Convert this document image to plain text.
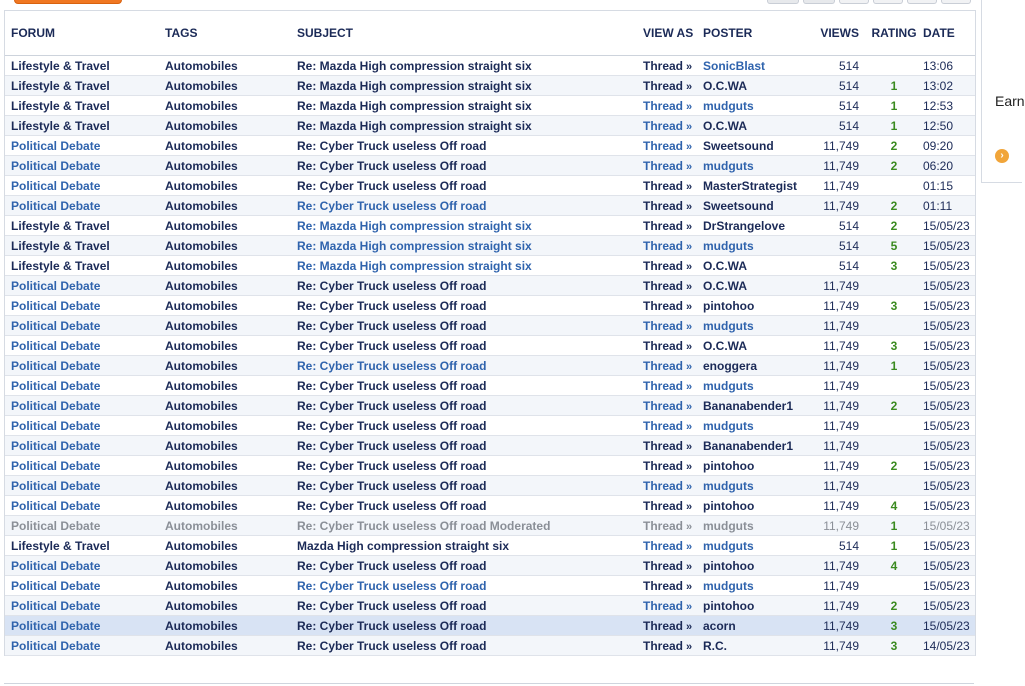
FORUM	TAGS	SUBJECT	VIEW AS	POSTER	VIEWS	RATING	DATE
Lifestyle & Travel	Automobiles	Re: Mazda High compression straight six	Thread »	SonicBlast	514		13:06
Lifestyle & Travel	Automobiles	Re: Mazda High compression straight six	Thread »	O.C.WA	514	1	13:02
Lifestyle & Travel	Automobiles	Re: Mazda High compression straight six	Thread »	mudguts	514	1	12:53
Lifestyle & Travel	Automobiles	Re: Mazda High compression straight six	Thread »	O.C.WA	514	1	12:50
Political Debate	Automobiles	Re: Cyber Truck useless Off road	Thread »	Sweetsound	11,749	2	09:20
Political Debate	Automobiles	Re: Cyber Truck useless Off road	Thread »	mudguts	11,749	2	06:20
Political Debate	Automobiles	Re: Cyber Truck useless Off road	Thread »	MasterStrategist	11,749		01:15
Political Debate	Automobiles	Re: Cyber Truck useless Off road	Thread »	Sweetsound	11,749	2	01:11
Lifestyle & Travel	Automobiles	Re: Mazda High compression straight six	Thread »	DrStrangelove	514	2	15/05/23
Lifestyle & Travel	Automobiles	Re: Mazda High compression straight six	Thread »	mudguts	514	5	15/05/23
Lifestyle & Travel	Automobiles	Re: Mazda High compression straight six	Thread »	O.C.WA	514	3	15/05/23
Political Debate	Automobiles	Re: Cyber Truck useless Off road	Thread »	O.C.WA	11,749		15/05/23
Political Debate	Automobiles	Re: Cyber Truck useless Off road	Thread »	pintohoo	11,749	3	15/05/23
Political Debate	Automobiles	Re: Cyber Truck useless Off road	Thread »	mudguts	11,749		15/05/23
Political Debate	Automobiles	Re: Cyber Truck useless Off road	Thread »	O.C.WA	11,749	3	15/05/23
Political Debate	Automobiles	Re: Cyber Truck useless Off road	Thread »	enoggera	11,749	1	15/05/23
Political Debate	Automobiles	Re: Cyber Truck useless Off road	Thread »	mudguts	11,749		15/05/23
Political Debate	Automobiles	Re: Cyber Truck useless Off road	Thread »	Bananabender1	11,749	2	15/05/23
Political Debate	Automobiles	Re: Cyber Truck useless Off road	Thread »	mudguts	11,749		15/05/23
Political Debate	Automobiles	Re: Cyber Truck useless Off road	Thread »	Bananabender1	11,749		15/05/23
Political Debate	Automobiles	Re: Cyber Truck useless Off road	Thread »	pintohoo	11,749	2	15/05/23
Political Debate	Automobiles	Re: Cyber Truck useless Off road	Thread »	mudguts	11,749		15/05/23
Political Debate	Automobiles	Re: Cyber Truck useless Off road	Thread »	pintohoo	11,749	4	15/05/23
Political Debate	Automobiles	Re: Cyber Truck useless Off road Moderated	Thread »	mudguts	11,749	1	15/05/23
Lifestyle & Travel	Automobiles	Mazda High compression straight six	Thread »	mudguts	514	1	15/05/23
Political Debate	Automobiles	Re: Cyber Truck useless Off road	Thread »	pintohoo	11,749	4	15/05/23
Political Debate	Automobiles	Re: Cyber Truck useless Off road	Thread »	mudguts	11,749		15/05/23
Political Debate	Automobiles	Re: Cyber Truck useless Off road	Thread »	pintohoo	11,749	2	15/05/23
Political Debate	Automobiles	Re: Cyber Truck useless Off road	Thread »	acorn	11,749	3	15/05/23
Political Debate	Automobiles	Re: Cyber Truck useless Off road	Thread »	R.C.	11,749	3	14/05/23
Earn
›
